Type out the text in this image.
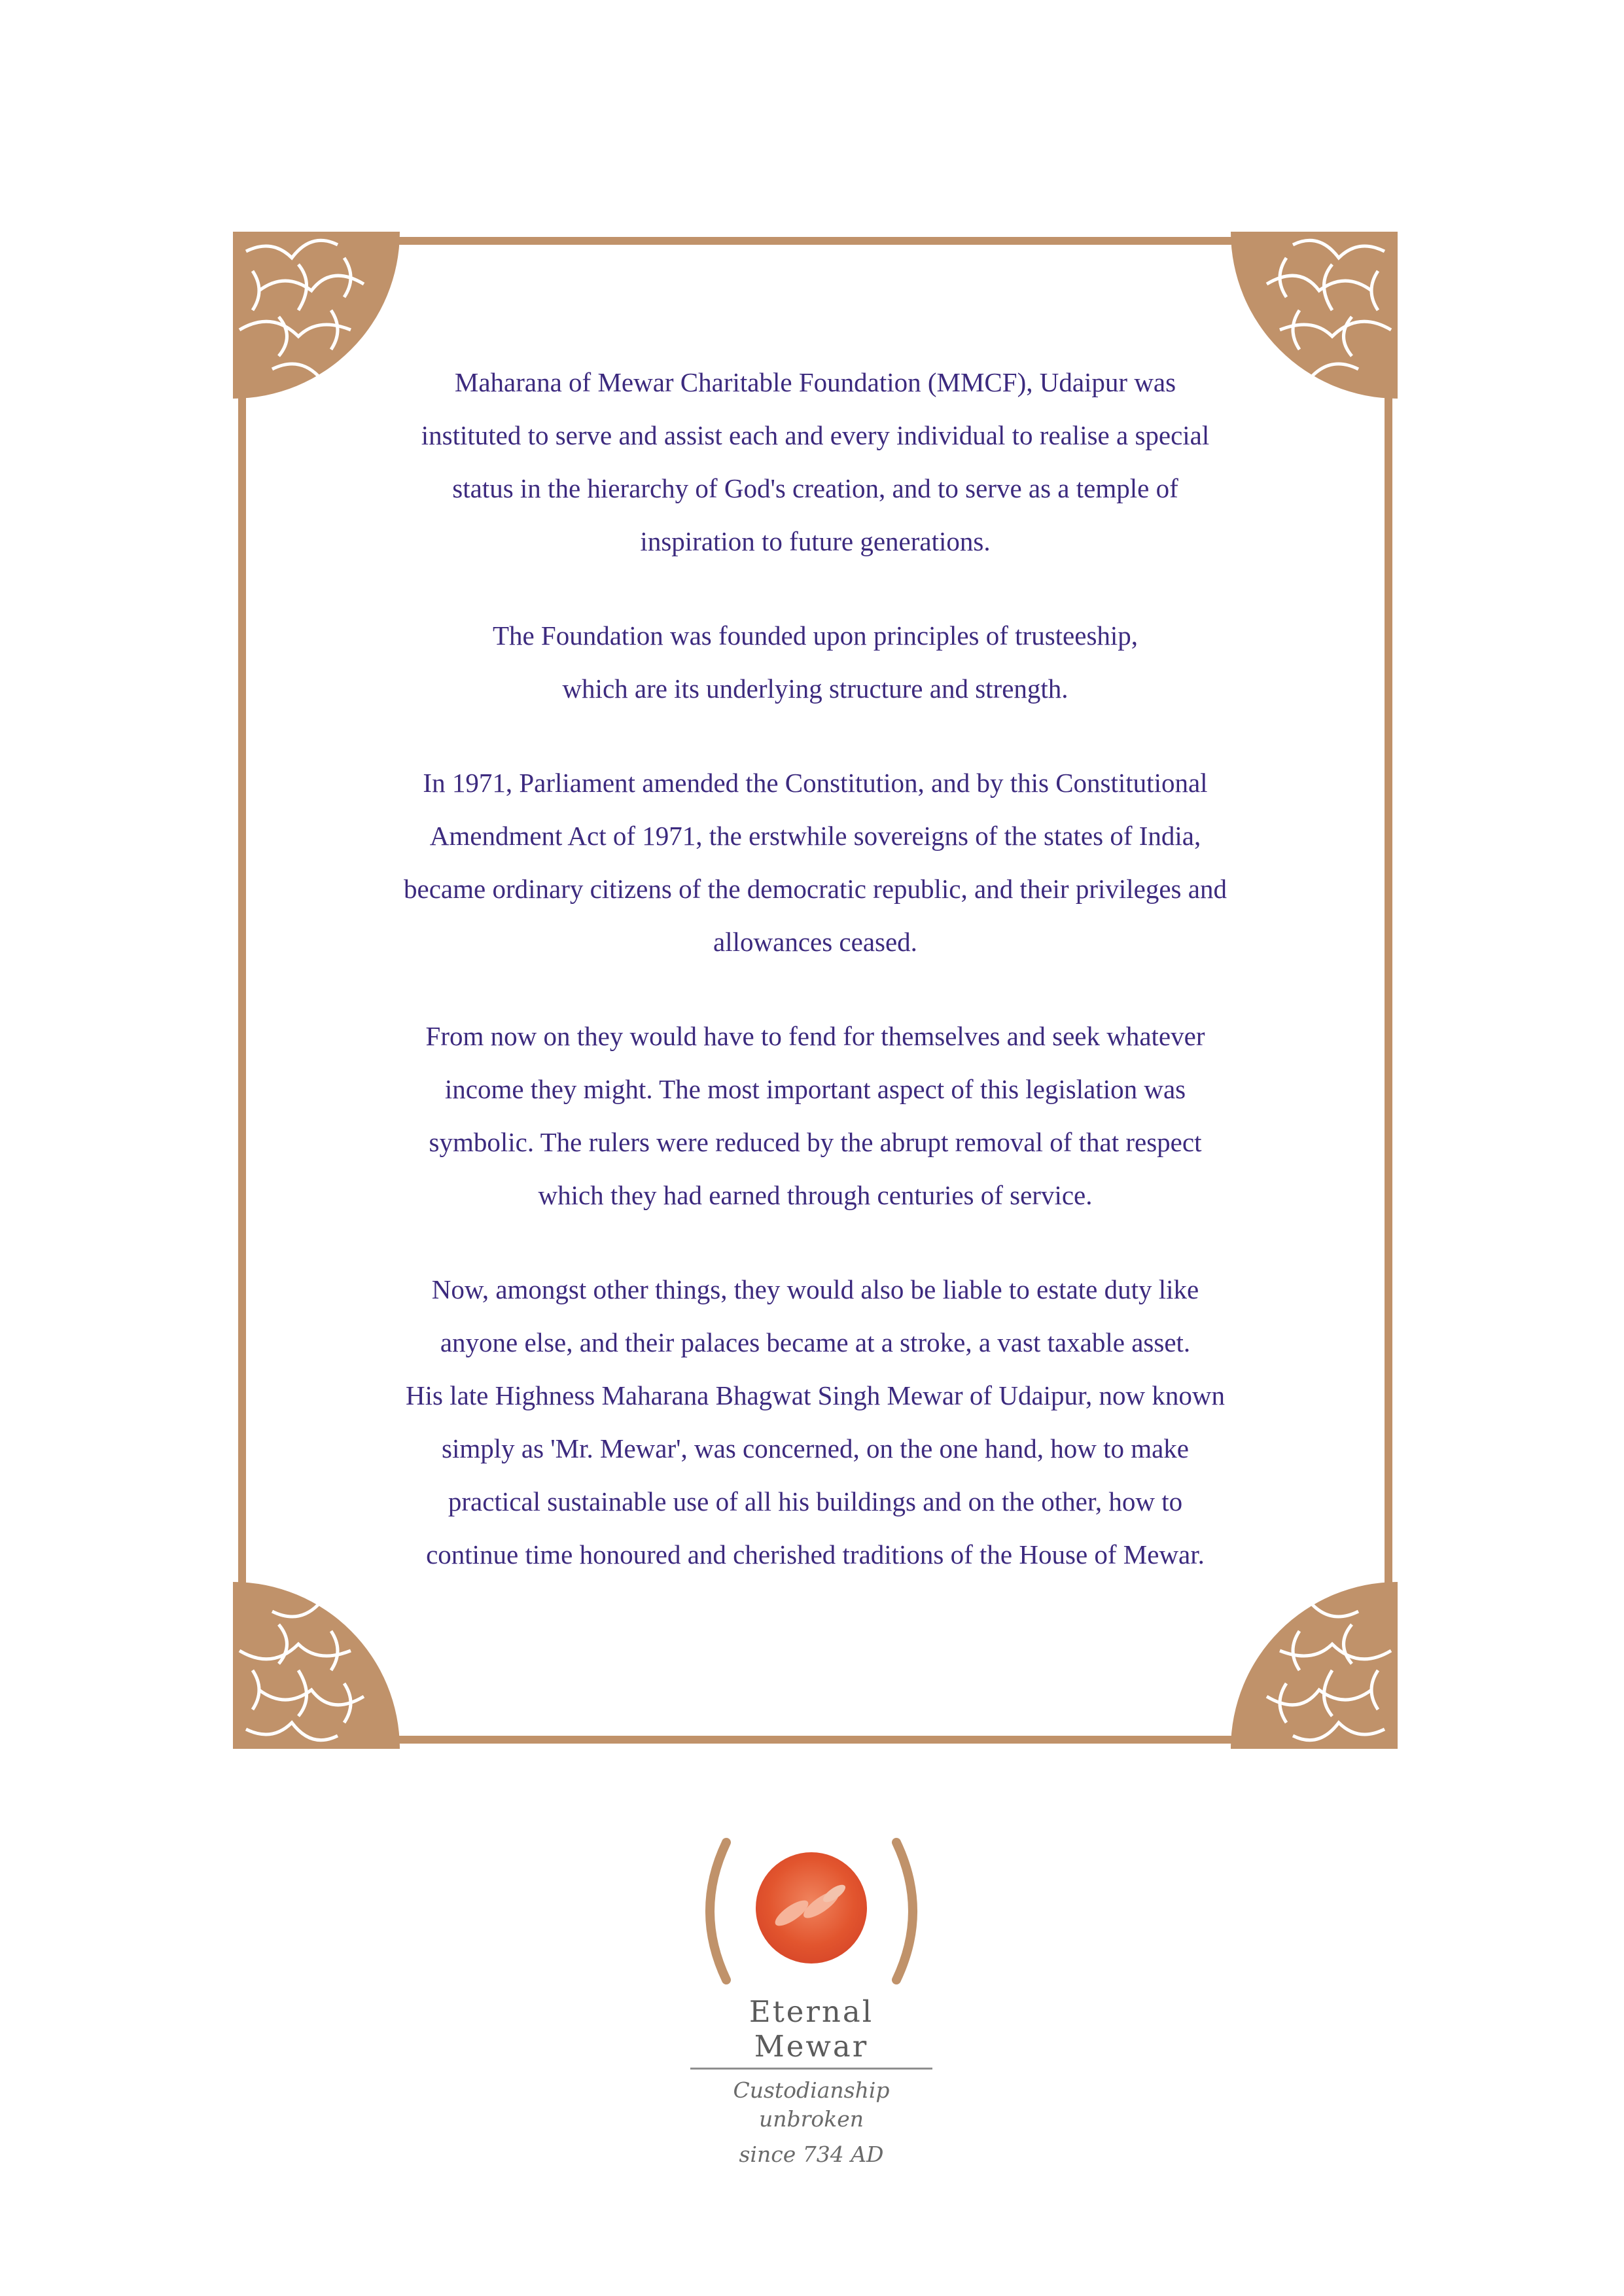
Maharana of Mewar Charitable Foundation (MMCF), Udaipur was
instituted to serve and assist each and every individual to realise a special
status in the hierarchy of God's creation, and to serve as a temple of
inspiration to future generations.

The Foundation was founded upon principles of trusteeship,
which are its underlying structure and strength.

In 1971, Parliament amended the Constitution, and by this Constitutional
Amendment Act of 1971, the erstwhile sovereigns of the states of India,
became ordinary citizens of the democratic republic, and their privileges and
allowances ceased.

From now on they would have to fend for themselves and seek whatever
income they might. The most important aspect of this legislation was
symbolic. The rulers were reduced by the abrupt removal of that respect
which they had earned through centuries of service.

Now, amongst other things, they would also be liable to estate duty like
anyone else, and their palaces became at a stroke, a vast taxable asset.
His late Highness Maharana Bhagwat Singh Mewar of Udaipur, now known
simply as 'Mr. Mewar', was concerned, on the one hand, how to make
practical sustainable use of all his buildings and on the other, how to
continue time honoured and cherished traditions of the House of Mewar.

Eternal Mewar
Custodianship unbroken
since 734 AD
